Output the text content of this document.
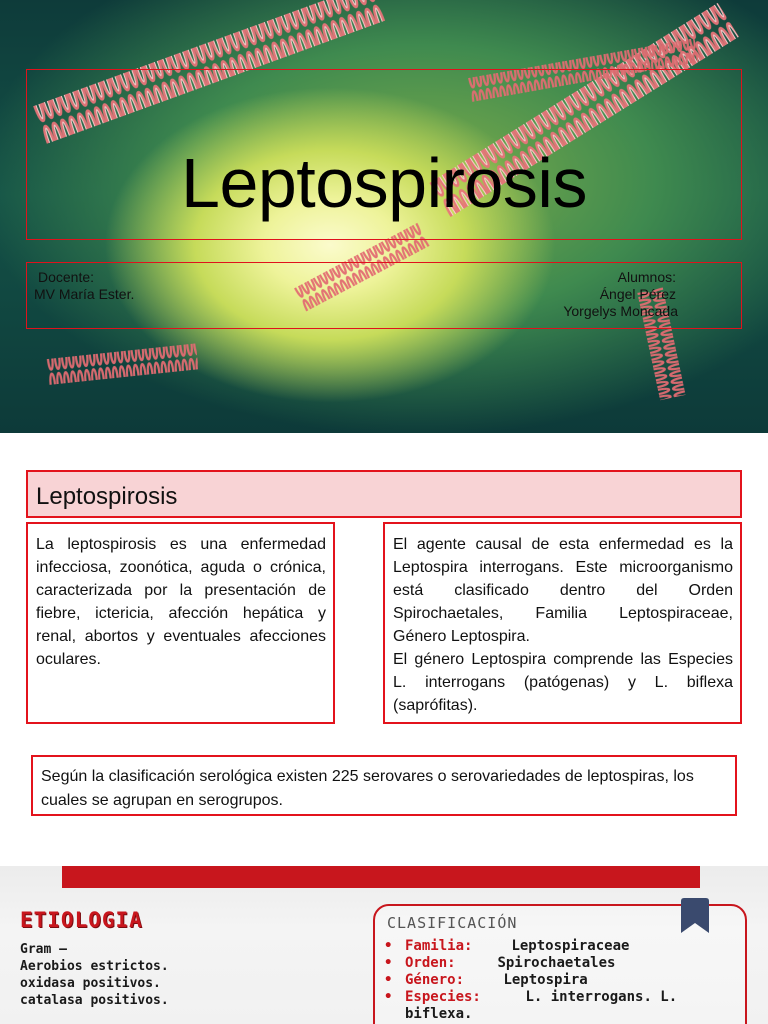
Leptospirosis
Docente:
MV María Ester.
Alumnos:
Ángel Pérez
Yorgelys Moncada
Leptospirosis
La leptospirosis es una enfermedad infecciosa, zoonótica, aguda o crónica, caracterizada por la presentación de fiebre, ictericia, afección hepática y renal, abortos y eventuales afecciones oculares.

El agente causal de esta enfermedad es la Leptospira interrogans. Este microorganismo está clasificado dentro del Orden Spirochaetales, Familia Leptospiraceae, Género Leptospira.

El género Leptospira comprende las Especies L. interrogans (patógenas) y L. biflexa (saprófitas).

Según la clasificación serológica existen 225 serovares o serovariedades de leptospiras, los cuales se agrupan en serogrupos.
ETIOLOGIA
Gram –
Aerobios estrictos.
oxidasa positivos.
catalasa positivos.
CLASIFICACIÓN
• Familia:	Leptospiraceae
• Orden:	Spirochaetales
• Género:	Leptospira
• Especies:	L. interrogans. L.
biflexa.
